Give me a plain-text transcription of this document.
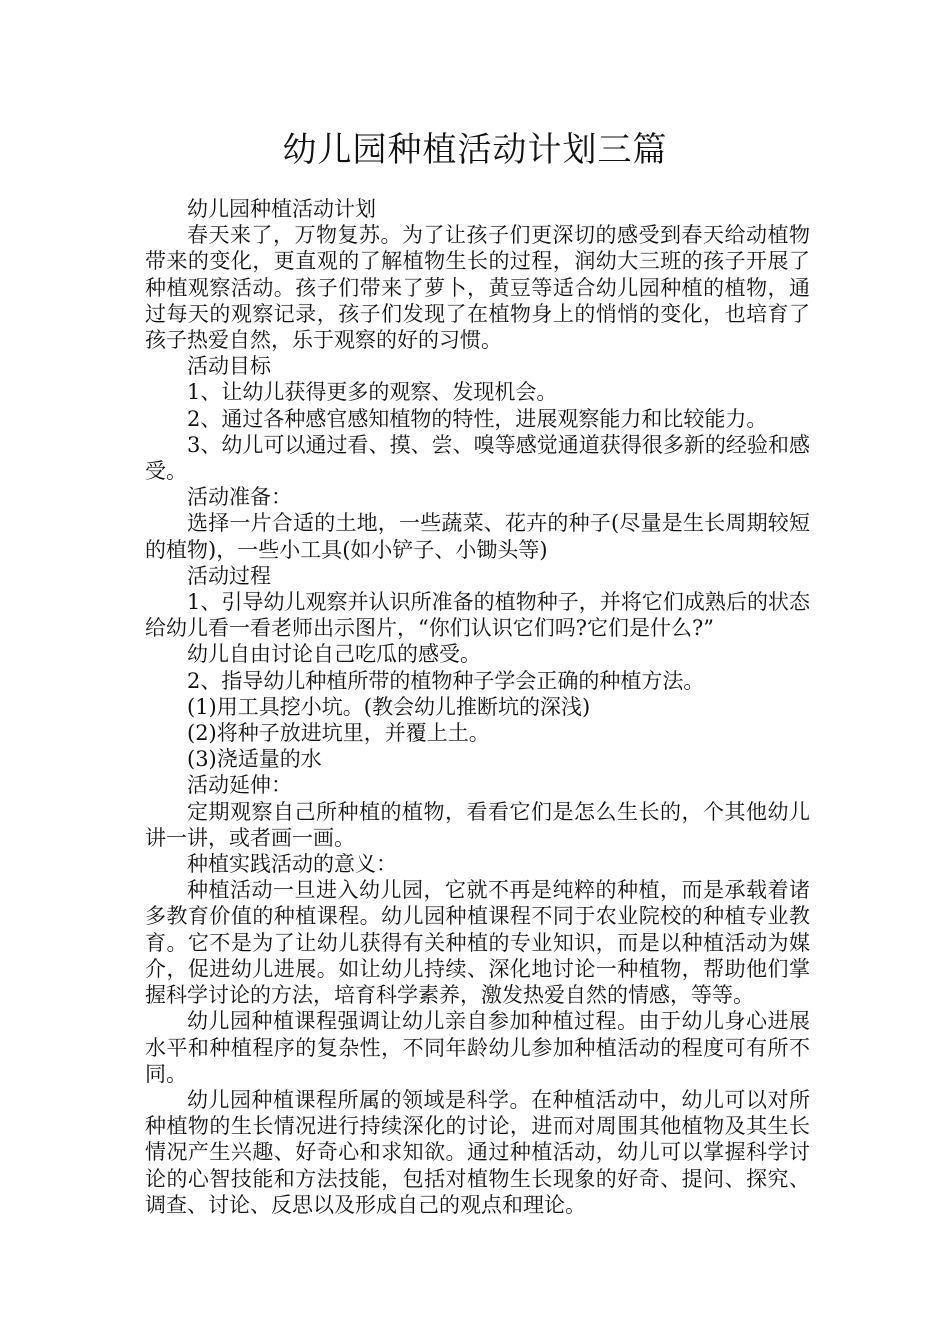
幼儿园种植活动计划三篇

幼儿园种植活动计划

春天来了，万物复苏。为了让孩子们更深切的感受到春天给动植物带来的变化，更直观的了解植物生长的过程，润幼大三班的孩子开展了种植观察活动。孩子们带来了萝卜，黄豆等适合幼儿园种植的植物，通过每天的观察记录，孩子们发现了在植物身上的悄悄的变化，也培育了孩子热爱自然，乐于观察的好的习惯。

活动目标

1、让幼儿获得更多的观察、发现机会。

2、通过各种感官感知植物的特性，进展观察能力和比较能力。

3、幼儿可以通过看、摸、尝、嗅等感觉通道获得很多新的经验和感受。

活动准备：

选择一片合适的土地，一些蔬菜、花卉的种子(尽量是生长周期较短的植物)，一些小工具(如小铲子、小锄头等)

活动过程

1、引导幼儿观察并认识所准备的植物种子，并将它们成熟后的状态给幼儿看一看老师出示图片，“你们认识它们吗?它们是什么?”

幼儿自由讨论自己吃瓜的感受。

2、指导幼儿种植所带的植物种子学会正确的种植方法。

(1)用工具挖小坑。(教会幼儿推断坑的深浅)

(2)将种子放进坑里，并覆上土。

(3)浇适量的水

活动延伸：

定期观察自己所种植的植物，看看它们是怎么生长的，个其他幼儿讲一讲，或者画一画。

种植实践活动的意义：

种植活动一旦进入幼儿园，它就不再是纯粹的种植，而是承载着诸多教育价值的种植课程。幼儿园种植课程不同于农业院校的种植专业教育。它不是为了让幼儿获得有关种植的专业知识，而是以种植活动为媒介，促进幼儿进展。如让幼儿持续、深化地讨论一种植物，帮助他们掌握科学讨论的方法，培育科学素养，激发热爱自然的情感，等等。

幼儿园种植课程强调让幼儿亲自参加种植过程。由于幼儿身心进展水平和种植程序的复杂性，不同年龄幼儿参加种植活动的程度可有所不同。

幼儿园种植课程所属的领域是科学。在种植活动中，幼儿可以对所种植物的生长情况进行持续深化的讨论，进而对周围其他植物及其生长情况产生兴趣、好奇心和求知欲。通过种植活动，幼儿可以掌握科学讨论的心智技能和方法技能，包括对植物生长现象的好奇、提问、探究、调查、讨论、反思以及形成自己的观点和理论。
